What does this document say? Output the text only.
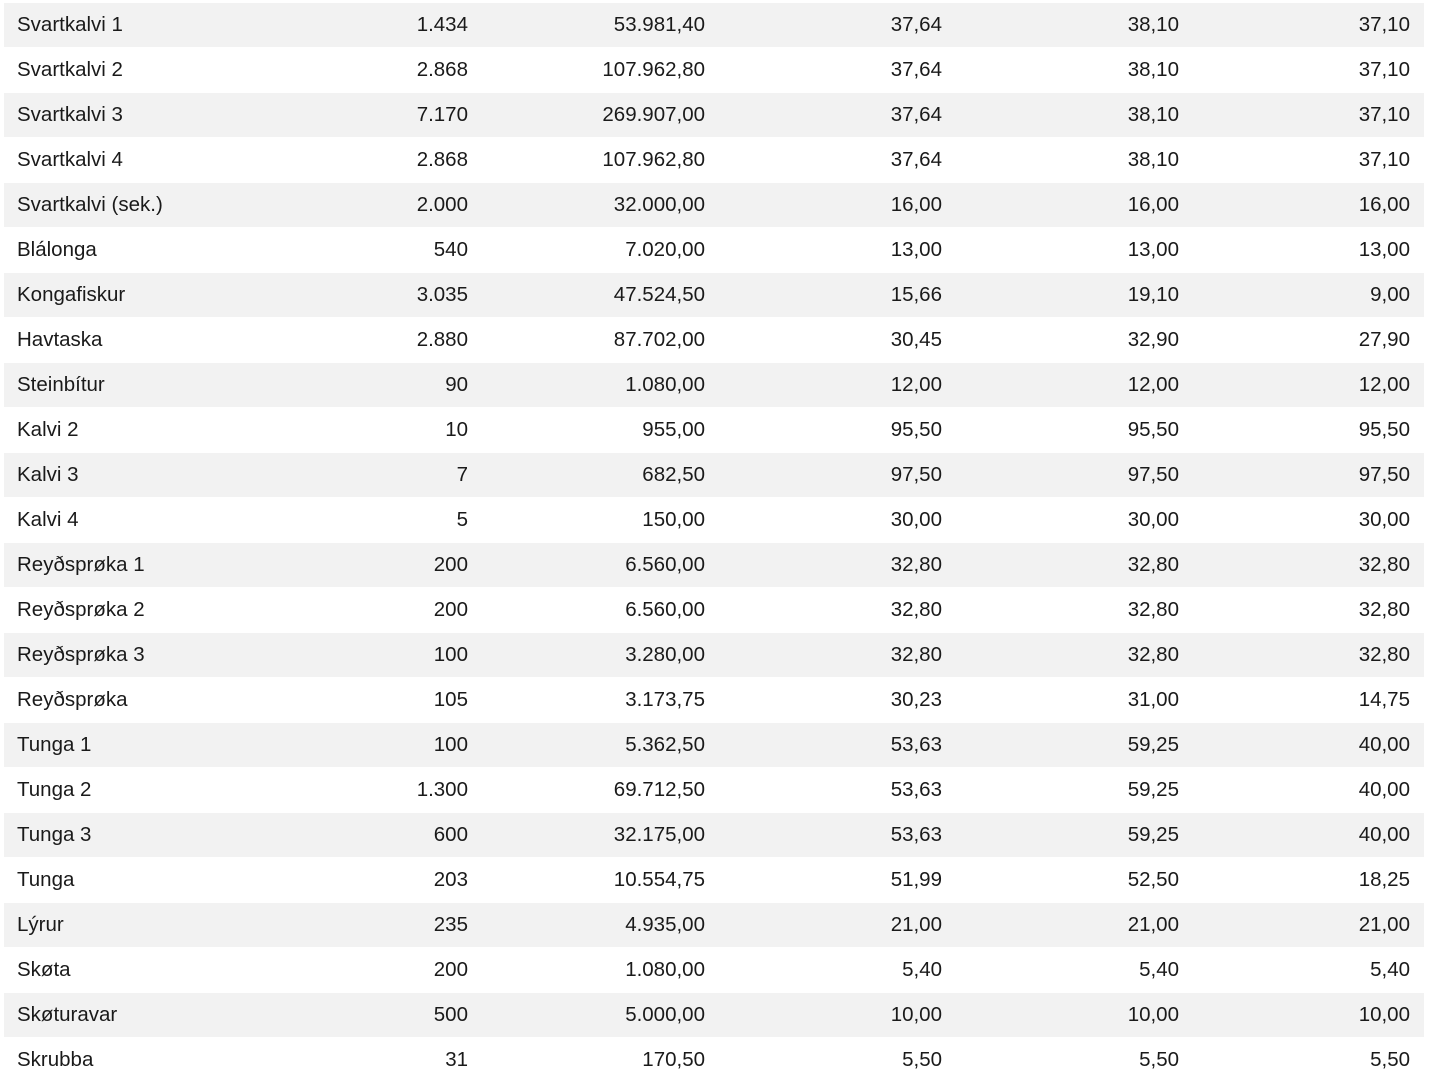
Svartkalvi 1	1.434	53.981,40	37,64	38,10	37,10
Svartkalvi 2	2.868	107.962,80	37,64	38,10	37,10
Svartkalvi 3	7.170	269.907,00	37,64	38,10	37,10
Svartkalvi 4	2.868	107.962,80	37,64	38,10	37,10
Svartkalvi (sek.)	2.000	32.000,00	16,00	16,00	16,00
Blálonga	540	7.020,00	13,00	13,00	13,00
Kongafiskur	3.035	47.524,50	15,66	19,10	9,00
Havtaska	2.880	87.702,00	30,45	32,90	27,90
Steinbítur	90	1.080,00	12,00	12,00	12,00
Kalvi 2	10	955,00	95,50	95,50	95,50
Kalvi 3	7	682,50	97,50	97,50	97,50
Kalvi 4	5	150,00	30,00	30,00	30,00
Reyðsprøka 1	200	6.560,00	32,80	32,80	32,80
Reyðsprøka 2	200	6.560,00	32,80	32,80	32,80
Reyðsprøka 3	100	3.280,00	32,80	32,80	32,80
Reyðsprøka	105	3.173,75	30,23	31,00	14,75
Tunga 1	100	5.362,50	53,63	59,25	40,00
Tunga 2	1.300	69.712,50	53,63	59,25	40,00
Tunga 3	600	32.175,00	53,63	59,25	40,00
Tunga	203	10.554,75	51,99	52,50	18,25
Lýrur	235	4.935,00	21,00	21,00	21,00
Skøta	200	1.080,00	5,40	5,40	5,40
Skøturavar	500	5.000,00	10,00	10,00	10,00
Skrubba	31	170,50	5,50	5,50	5,50
